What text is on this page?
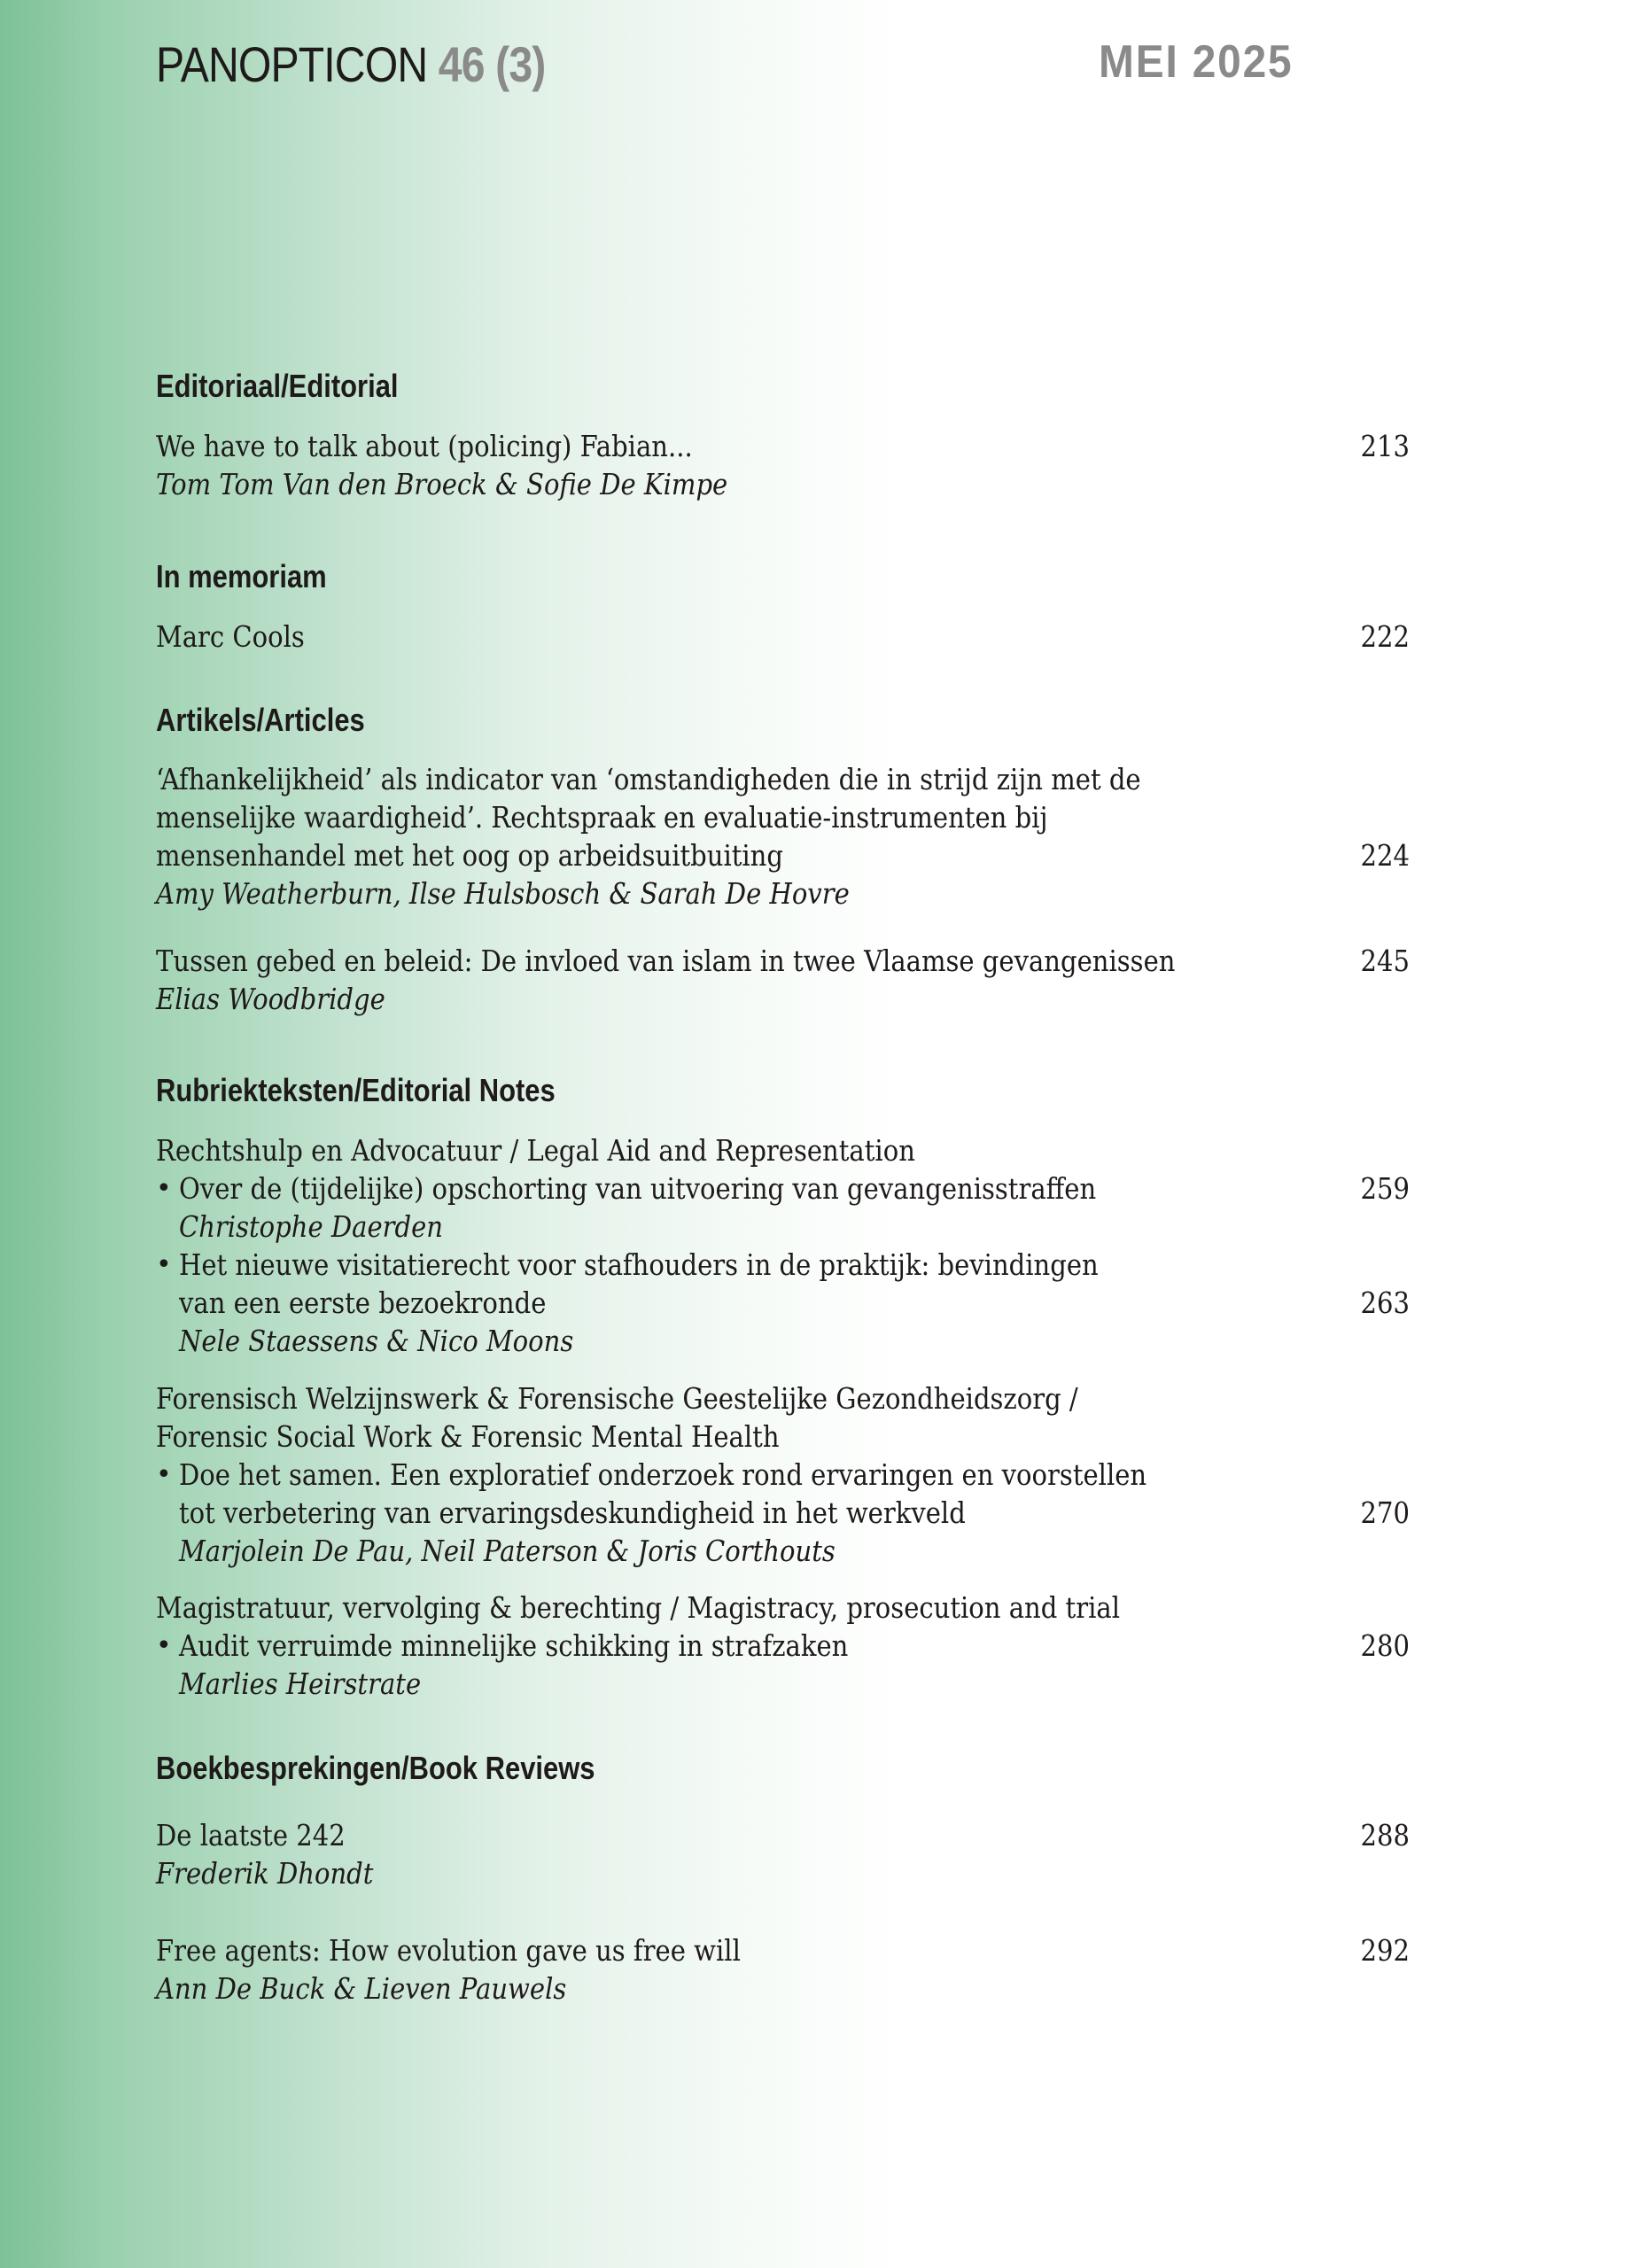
PANOPTICON 46 (3)	MEI 2025
Editoriaal/Editorial
We have to talk about (policing) Fabian...	213
Tom Tom Van den Broeck & Sofie De Kimpe
In memoriam
Marc Cools	222
Artikels/Articles
‘Afhankelijkheid’ als indicator van ‘omstandigheden die in strijd zijn met de
menselijke waardigheid’. Rechtspraak en evaluatie-instrumenten bij
mensenhandel met het oog op arbeidsuitbuiting	224
Amy Weatherburn, Ilse Hulsbosch & Sarah De Hovre
Tussen gebed en beleid: De invloed van islam in twee Vlaamse gevangenissen	245
Elias Woodbridge
Rubriekteksten/Editorial Notes
Rechtshulp en Advocatuur / Legal Aid and Representation
• Over de (tijdelijke) opschorting van uitvoering van gevangenisstraffen	259
Christophe Daerden
• Het nieuwe visitatierecht voor stafhouders in de praktijk: bevindingen
van een eerste bezoekronde	263
Nele Staessens & Nico Moons
Forensisch Welzijnswerk & Forensische Geestelijke Gezondheidszorg /
Forensic Social Work & Forensic Mental Health
• Doe het samen. Een exploratief onderzoek rond ervaringen en voorstellen
tot verbetering van ervaringsdeskundigheid in het werkveld	270
Marjolein De Pau, Neil Paterson & Joris Corthouts
Magistratuur, vervolging & berechting / Magistracy, prosecution and trial
• Audit verruimde minnelijke schikking in strafzaken	280
Marlies Heirstrate
Boekbesprekingen/Book Reviews
De laatste 242	288
Frederik Dhondt
Free agents: How evolution gave us free will	292
Ann De Buck & Lieven Pauwels
